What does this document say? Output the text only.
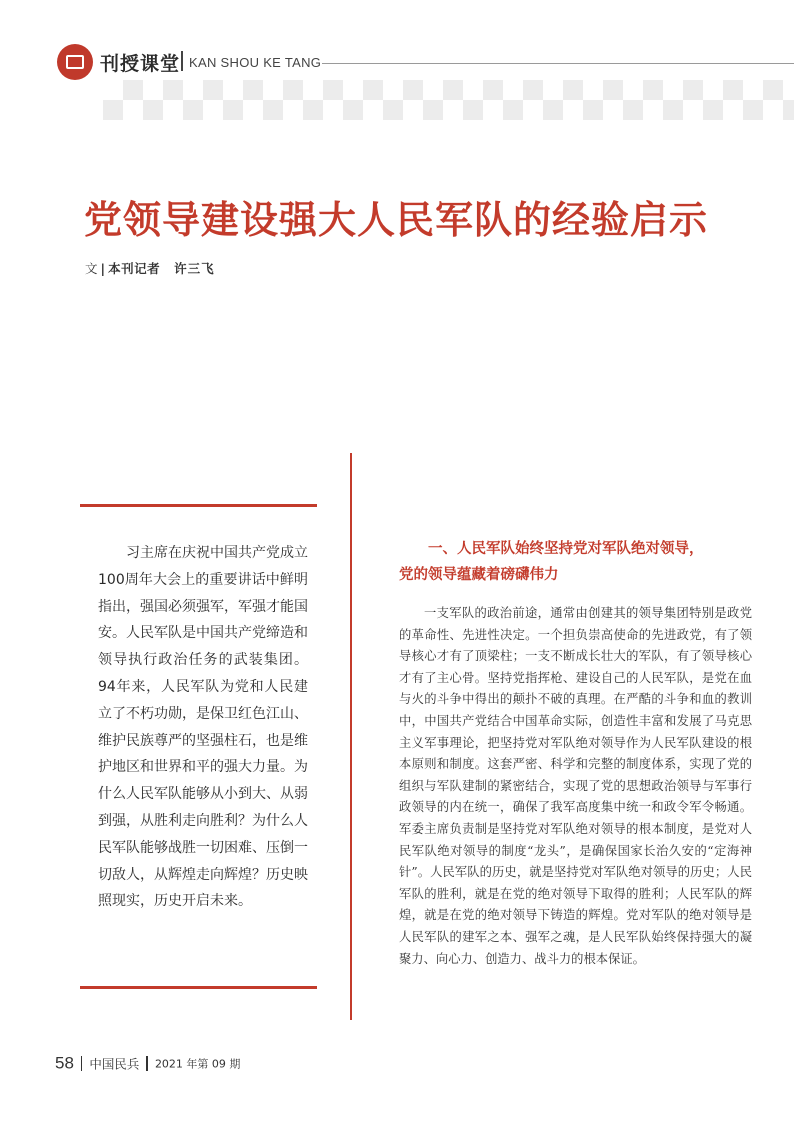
刊授课堂 KAN SHOU KE TANG
党领导建设强大人民军队的经验启示
文 | 本刊记者 许三飞

习主席在庆祝中国共产党成立100周年大会上的重要讲话中鲜明指出，强国必须强军，军强才能国安。人民军队是中国共产党缔造和领导执行政治任务的武装集团。94年来，人民军队为党和人民建立了不朽功勋，是保卫红色江山、维护民族尊严的坚强柱石，也是维护地区和世界和平的强大力量。为什么人民军队能够从小到大、从弱到强，从胜利走向胜利？为什么人民军队能够战胜一切困难、压倒一切敌人，从辉煌走向辉煌？历史映照现实，历史开启未来。

一、人民军队始终坚持党对军队绝对领导，
党的领导蕴藏着磅礴伟力

一支军队的政治前途，通常由创建其的领导集团特别是政党的革命性、先进性决定。一个担负崇高使命的先进政党，有了领导核心才有了顶梁柱；一支不断成长壮大的军队，有了领导核心才有了主心骨。坚持党指挥枪、建设自己的人民军队，是党在血与火的斗争中得出的颠扑不破的真理。在严酷的斗争和血的教训中，中国共产党结合中国革命实际，创造性丰富和发展了马克思主义军事理论，把坚持党对军队绝对领导作为人民军队建设的根本原则和制度。这套严密、科学和完整的制度体系，实现了党的组织与军队建制的紧密结合，实现了党的思想政治领导与军事行政领导的内在统一，确保了我军高度集中统一和政令军令畅通。军委主席负责制是坚持党对军队绝对领导的根本制度，是党对人民军队绝对领导的制度“龙头”，是确保国家长治久安的“定海神针”。人民军队的历史，就是坚持党对军队绝对领导的历史；人民军队的胜利，就是在党的绝对领导下取得的胜利；人民军队的辉煌，就是在党的绝对领导下铸造的辉煌。党对军队的绝对领导是人民军队的建军之本、强军之魂，是人民军队始终保持强大的凝聚力、向心力、创造力、战斗力的根本保证。

58 中国民兵 2021 年第 09 期
